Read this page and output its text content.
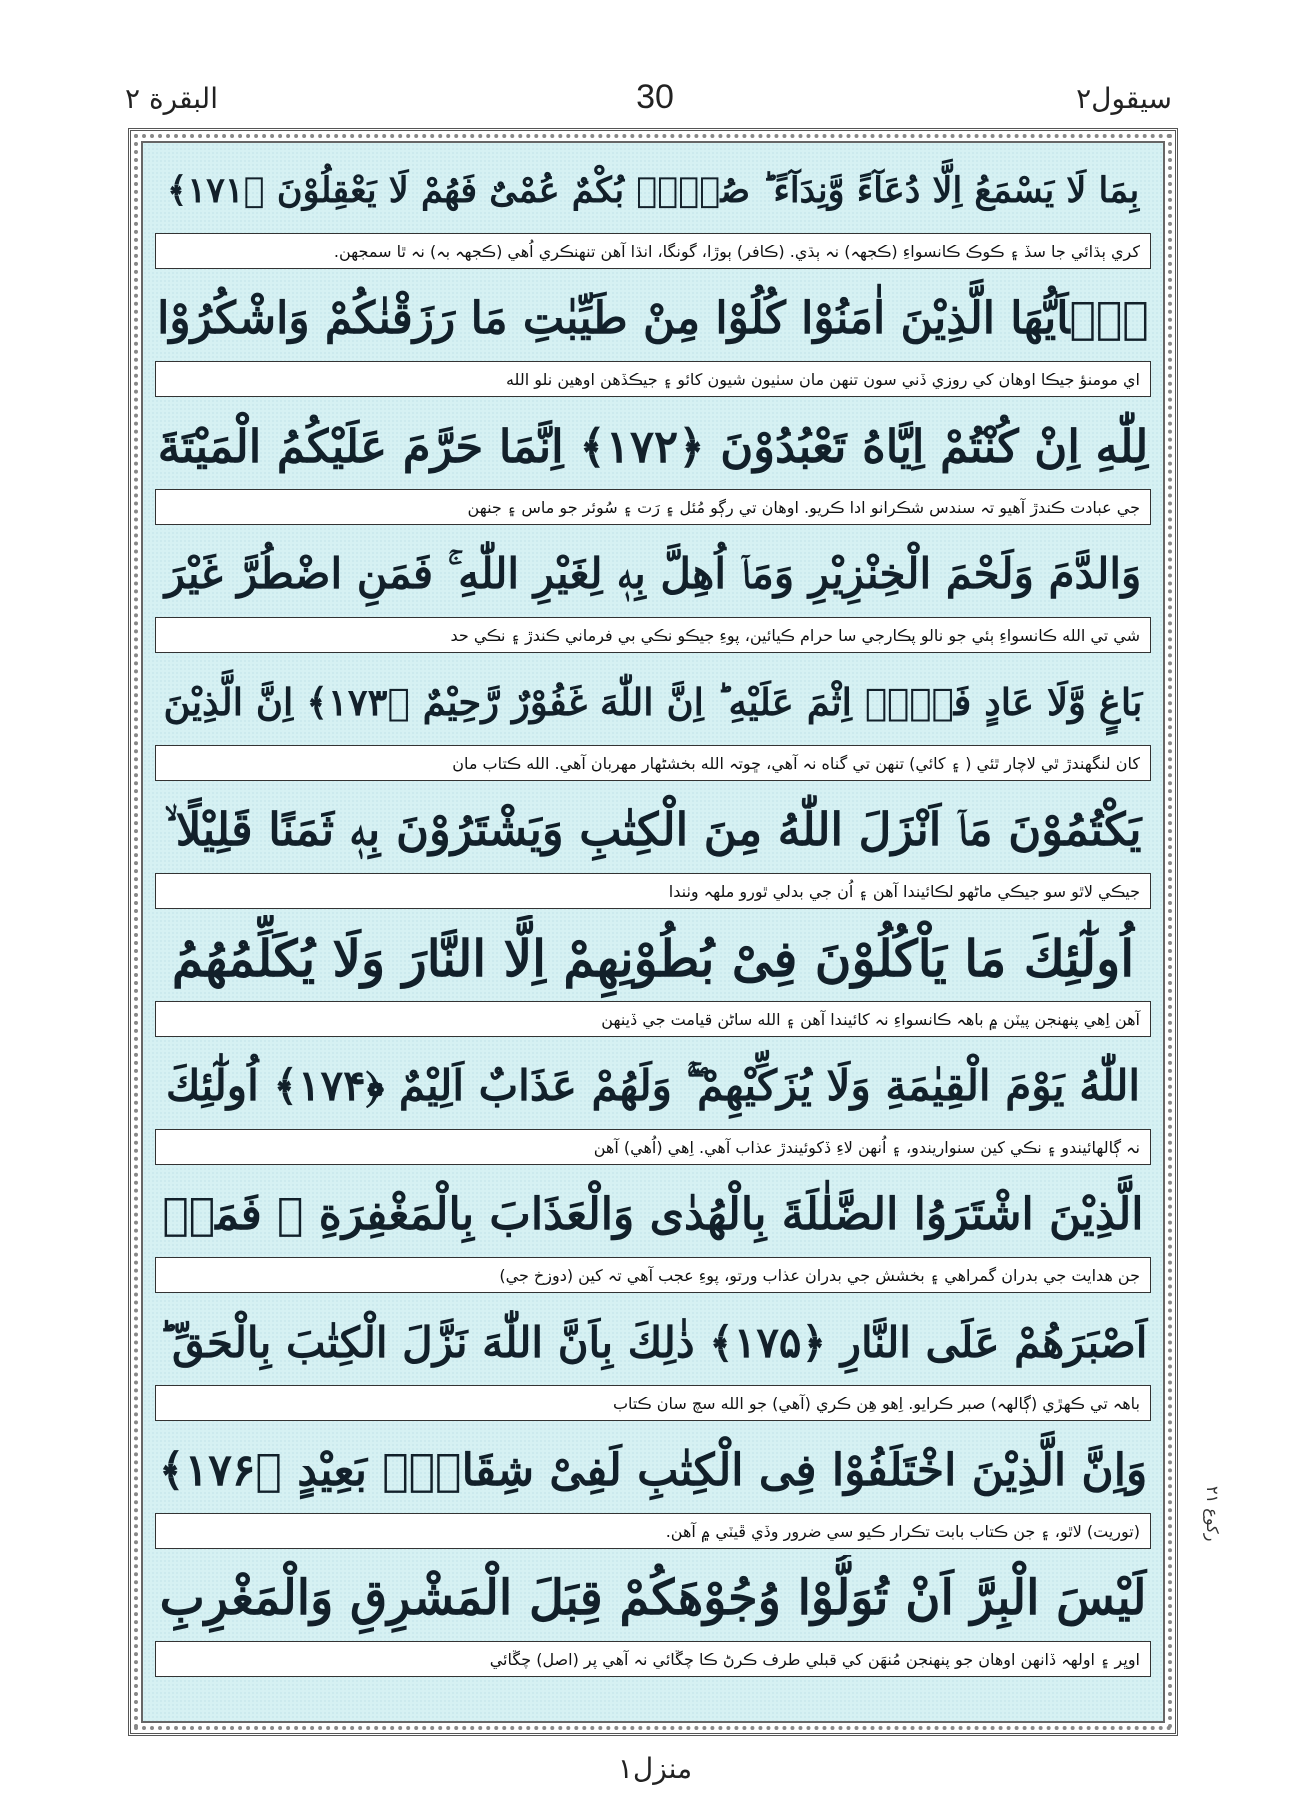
البقرة ٢	30	سيقول٢
بِمَا لَا يَسْمَعُ اِلَّا دُعَآءً وَّنِدَآءً ؕ صُمٌّۢ بُكْمٌ عُمْیٌ فَهُمْ لَا يَعْقِلُوْنَ ﴿۱۷۱﴾
كري ٻڌائي جا سڏ ۽ ڪوڪ ڪانسواءِ (ڪجهہ) نہ ٻڌي. (ڪافر) ٻوڙا، گونگا، انڌا آهن تنهنڪري اُهي (ڪجهہ بہ) نہ ٿا سمجهن.
يٰۤاَيُّهَا الَّذِيْنَ اٰمَنُوْا كُلُوْا مِنْ طَيِّبٰتِ مَا رَزَقْنٰكُمْ وَاشْكُرُوْا
اي مومنؤ جيڪا اوهان کي روزي ڏني سون تنهن مان سٺيون شيون کائو ۽ جيڪڏهن اوهين نلو الله
لِلّٰهِ اِنْ كُنْتُمْ اِيَّاهُ تَعْبُدُوْنَ ﴿۱۷۲﴾ اِنَّمَا حَرَّمَ عَلَيْكُمُ الْمَيْتَةَ
جي عبادت ڪندڙ آهيو تہ سندس شڪرانو ادا ڪريو. اوهان تي رڳو مُئل ۽ رَت ۽ سُوئر جو ماس ۽ جنهن
وَالدَّمَ وَلَحْمَ الْخِنْزِيْرِ وَمَاۤ اُهِلَّ بِهٖ لِغَيْرِ اللّٰهِ ۚ فَمَنِ اضْطُرَّ غَيْرَ
شي تي الله ڪانسواءِ ٻئي جو نالو پڪارجي سا حرام ڪيائين، پوءِ جيڪو نڪي بي فرماني ڪندڙ ۽ نڪي حد
بَاغٍ وَّلَا عَادٍ فَلَاۤ اِثْمَ عَلَيْهِ ؕ اِنَّ اللّٰهَ غَفُوْرٌ رَّحِيْمٌ ﴿۱۷۳﴾ اِنَّ الَّذِيْنَ
کان لنگهندڙ ٿي لاچار ٿئي ( ۽ کائي) تنهن تي گناه نہ آهي، ڇوتہ الله بخشڻهار مهربان آهي. الله ڪتاب مان
يَكْتُمُوْنَ مَاۤ اَنْزَلَ اللّٰهُ مِنَ الْكِتٰبِ وَيَشْتَرُوْنَ بِهٖ ثَمَنًا قَلِيْلًا ۙ
جيڪي لاٿو سو جيڪي ماڻهو لڪائيندا آهن ۽ اُن جي بدلي ٿورو ملهہ وٺندا
اُولٰٓئِكَ مَا يَاْكُلُوْنَ فِیْ بُطُوْنِهِمْ اِلَّا النَّارَ وَلَا يُكَلِّمُهُمُ
آهن اِهي پنهنجن پيٽن ۾ باهہ ڪانسواءِ نہ کائيندا آهن ۽ الله ساڻن قيامت جي ڏينهن
اللّٰهُ يَوْمَ الْقِيٰمَةِ وَلَا يُزَكِّيْهِمْ ۖۚ وَلَهُمْ عَذَابٌ اَلِيْمٌ ﴿۱۷۴﴾ اُولٰٓئِكَ
نہ ڳالهائيندو ۽ نڪي کين سنواريندو، ۽ اُنهن لاءِ ڏکوئيندڙ عذاب آهي. اِهي (اُهي) آهن
الَّذِيْنَ اشْتَرَوُا الضَّلٰلَةَ بِالْهُدٰى وَالْعَذَابَ بِالْمَغْفِرَةِ ۚ فَمَاۤ
جن هدايت جي بدران گمراهي ۽ بخشش جي بدران عذاب ورتو، پوءِ عجب آهي تہ کين (دوزخ جي)
اَصْبَرَهُمْ عَلَى النَّارِ ﴿۱۷۵﴾ ذٰلِكَ بِاَنَّ اللّٰهَ نَزَّلَ الْكِتٰبَ بِالْحَقِّ ؕ
باهہ تي ڪهڙي (ڳالهہ) صبر ڪرايو. اِهو هِن ڪري (آهي) جو الله سچ سان ڪتاب
وَاِنَّ الَّذِيْنَ اخْتَلَفُوْا فِی الْكِتٰبِ لَفِیْ شِقَاقٍۢ بَعِيْدٍ ﴿۱۷۶﴾
(توريت) لاٿو، ۽ جن ڪتاب بابت تڪرار ڪيو سي ضرور وڏي ڦيٽي ۾ آهن.
لَيْسَ الْبِرَّ اَنْ تُوَلُّوْا وُجُوْهَكُمْ قِبَلَ الْمَشْرِقِ وَالْمَغْرِبِ
اوڀر ۽ اولهہ ڏانهن اوهان جو پنهنجن مُنهَن کي قبلي طرف ڪرڻ ڪا چڱائي نہ آهي پر (اصل) چڱائي
ركوع ٢١
منزل١
